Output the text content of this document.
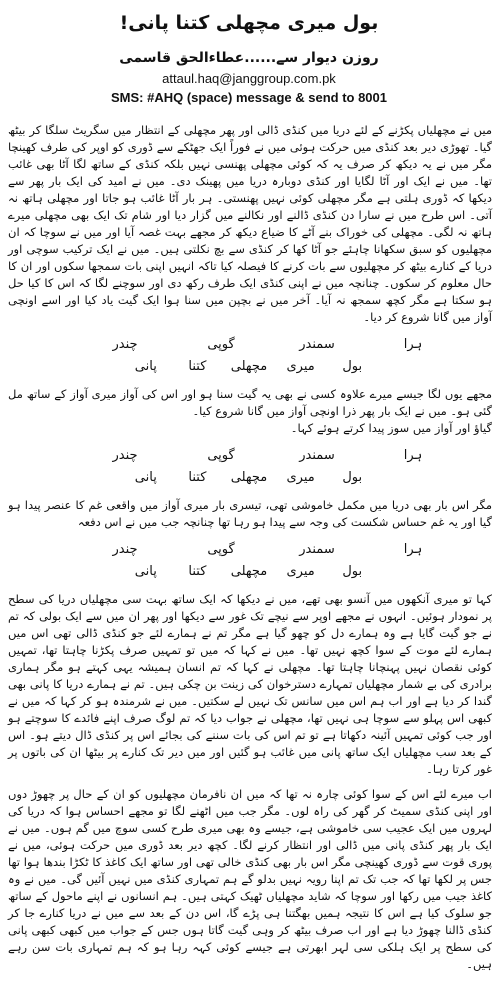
بول میری مچھلی کتنا پانی!
روزن دیوار سے......عطاءالحق قاسمی
attaul.haq@janggroup.com.pk
SMS: #AHQ (space) message & send to 8001

میں نے مچھلیاں پکڑنے کے لئے دریا میں کنڈی ڈالی اور پھر مچھلی کے انتظار میں سگریٹ سلگا کر بیٹھ گیا۔ تھوڑی دیر بعد کنڈی میں حرکت ہوئی میں نے فوراً ایک جھٹکے سے ڈوری کو اوپر کی طرف کھینچا مگر میں نے یہ دیکھ کر صرف یہ کہ کوئی مچھلی پھنسی نہیں بلکہ کنڈی کے ساتھ لگا آٹا بھی غائب تھا۔ میں نے ایک اور آٹا لگایا اور کنڈی دوبارہ دریا میں پھینک دی۔ میں نے امید کی ایک بار پھر سے دیکھا کہ ڈوری ہلتی ہے مگر مچھلی کوئی نہیں پھنستی۔ ہر بار آٹا غائب ہو جاتا اور مچھلی ہاتھ نہ آتی۔ اس طرح میں نے سارا دن کنڈی ڈالنے اور نکالنے میں گزار دیا اور شام تک ایک بھی مچھلی میرے ہاتھ نہ لگی۔ مچھلی کی خوراک بنے آٹے کا ضیاع دیکھ کر مجھے بہت غصہ آیا اور میں نے سوچا کہ ان مچھلیوں کو سبق سکھانا چاہئے جو آٹا کھا کر کنڈی سے بچ نکلتی ہیں۔ میں نے ایک ترکیب سوچی اور دریا کے کنارے بیٹھ کر مچھلیوں سے بات کرنے کا فیصلہ کیا تاکہ انہیں اپنی بات سمجھا سکوں اور ان کا حال معلوم کر سکوں۔ چنانچہ میں نے اپنی کنڈی ایک طرف رکھ دی اور سوچنے لگا کہ اس کا کیا حل ہو سکتا ہے مگر کچھ سمجھ نہ آیا۔ آخر میں نے بچپن میں سنا ہوا ایک گیت یاد کیا اور اسے اونچی آواز میں گانا شروع کر دیا۔

ہرا
سمندر
گوپی
چندر
بول
میری
مچھلی
کتنا
پانی

مجھے یوں لگا جیسے میرے علاوہ کسی نے بھی یہ گیت سنا ہو اور اس کی آواز میری آواز کے ساتھ مل گئی ہو۔ میں نے ایک بار پھر ذرا اونچی آواز میں گانا شروع کیا۔

گیاؤ اور آواز میں سوز پیدا کرتے ہوئے کہا۔

ہرا
سمندر
گوپی
چندر
بول
میری
مچھلی
کتنا
پانی

مگر اس بار بھی دریا میں مکمل خاموشی تھی، تیسری بار میری آواز میں واقعی غم کا عنصر پیدا ہو گیا اور یہ غم حساس شکست کی وجہ سے پیدا ہو رہا تھا چنانچہ جب میں نے اس دفعہ

ہرا
سمندر
گوپی
چندر
بول
میری
مچھلی
کتنا
پانی

کہا تو میری آنکھوں میں آنسو بھی تھے، میں نے دیکھا کہ ایک ساتھ بہت سی مچھلیاں دریا کی سطح پر نمودار ہوئیں۔ انہوں نے مجھے اوپر سے نیچے تک غور سے دیکھا اور پھر ان میں سے ایک بولی کہ تم نے جو گیت گایا ہے وہ ہمارے دل کو چھو گیا ہے مگر تم نے ہمارے لئے جو کنڈی ڈالی تھی اس میں ہمارے لئے موت کے سوا کچھ نہیں تھا۔ میں نے کہا کہ میں تو تمہیں صرف پکڑنا چاہتا تھا، تمہیں کوئی نقصان نہیں پہنچانا چاہتا تھا۔ مچھلی نے کہا کہ تم انسان ہمیشہ یہی کہتے ہو مگر ہماری برادری کی بے شمار مچھلیاں تمہارے دسترخوان کی زینت بن چکی ہیں۔ تم نے ہمارے دریا کا پانی بھی گندا کر دیا ہے اور اب ہم اس میں سانس تک نہیں لے سکتیں۔ میں نے شرمندہ ہو کر کہا کہ میں نے کبھی اس پہلو سے سوچا ہی نہیں تھا، مچھلی نے جواب دیا کہ تم لوگ صرف اپنے فائدے کا سوچتے ہو اور جب کوئی تمہیں آئینہ دکھاتا ہے تو تم اس کی بات سننے کی بجائے اس پر کنڈی ڈال دیتے ہو۔ اس کے بعد سب مچھلیاں ایک ساتھ پانی میں غائب ہو گئیں اور میں دیر تک کنارے پر بیٹھا ان کی باتوں پر غور کرتا رہا۔

اب میرے لئے اس کے سوا کوئی چارہ نہ تھا کہ میں ان نافرمان مچھلیوں کو ان کے حال پر چھوڑ دوں اور اپنی کنڈی سمیٹ کر گھر کی راہ لوں۔ مگر جب میں اٹھنے لگا تو مجھے احساس ہوا کہ دریا کی لہروں میں ایک عجیب سی خاموشی ہے، جیسے وہ بھی میری طرح کسی سوچ میں گم ہوں۔ میں نے ایک بار پھر کنڈی پانی میں ڈالی اور انتظار کرنے لگا۔ کچھ دیر بعد ڈوری میں حرکت ہوئی، میں نے پوری قوت سے ڈوری کھینچی مگر اس بار بھی کنڈی خالی تھی اور ساتھ ایک کاغذ کا ٹکڑا بندھا ہوا تھا جس پر لکھا تھا کہ جب تک تم اپنا رویہ نہیں بدلو گے ہم تمہاری کنڈی میں نہیں آئیں گی۔ میں نے وہ کاغذ جیب میں رکھا اور سوچا کہ شاید مچھلیاں ٹھیک کہتی ہیں۔ ہم انسانوں نے اپنے ماحول کے ساتھ جو سلوک کیا ہے اس کا نتیجہ ہمیں بھگتنا ہی پڑے گا، اس دن کے بعد سے میں نے دریا کنارے جا کر کنڈی ڈالنا چھوڑ دیا ہے اور اب صرف بیٹھ کر وہی گیت گاتا ہوں جس کے جواب میں کبھی کبھی پانی کی سطح پر ایک ہلکی سی لہر ابھرتی ہے جیسے کوئی کہہ رہا ہو کہ ہم تمہاری بات سن رہے ہیں۔
